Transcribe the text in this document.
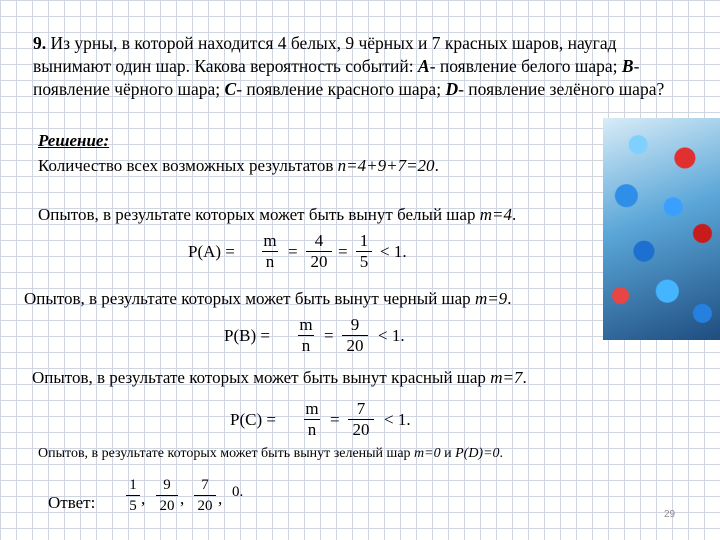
9. Из урны, в которой находится 4 белых, 9 чёрных и 7 красных шаров, наугад вынимают один шар. Какова вероятность событий: A- появление белого шара; B- появление чёрного шара; C- появление красного шара; D- появление зелёного шара?
Решение:
Количество всех возможных результатов n=4+9+7=20.
Опытов, в результате которых может быть вынут белый шар m=4.
P(A) =
m
n
=
4
20
=
1
5
< 1.
Опытов, в результате которых может быть вынут черный шар m=9.
P(B) =
m
n
=
9
20
< 1.
Опытов, в результате которых может быть вынут красный шар m=7.
P(C) =
m
n
=
7
20
< 1.
Опытов, в результате которых может быть вынут зеленый шар m=0 и P(D)=0.
Ответ:
1
5 ,
9
20 ,
7
20 , 0.
29
